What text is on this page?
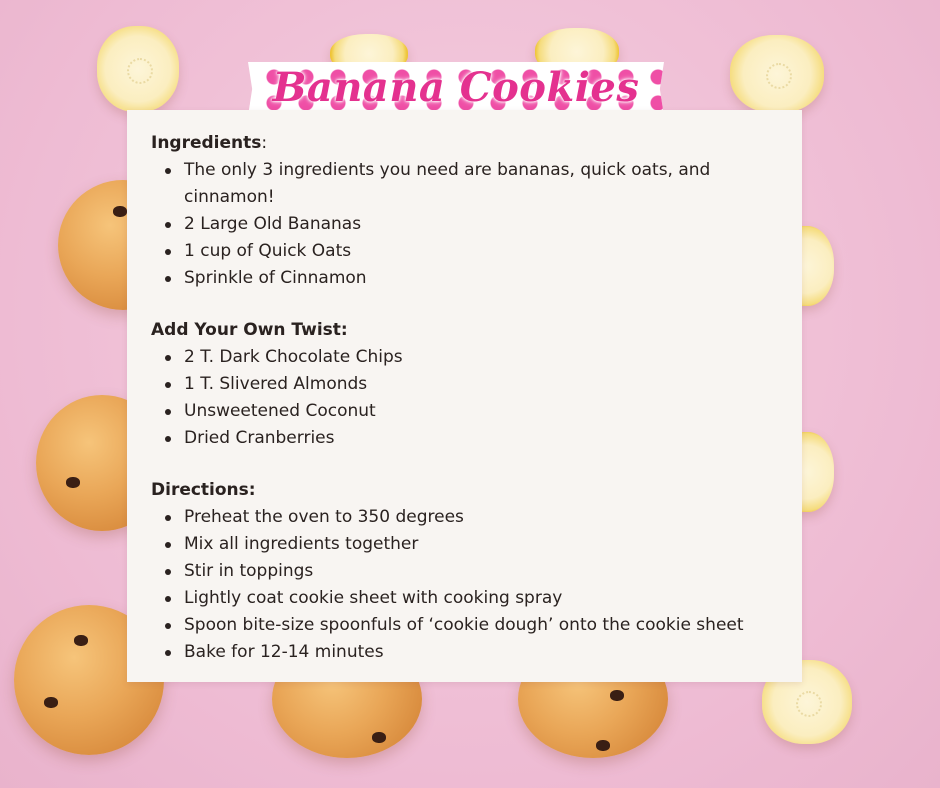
Banana Cookies

Ingredients:

The only 3 ingredients you need are bananas, quick oats, and cinnamon!
2 Large Old Bananas
1 cup of Quick Oats
Sprinkle of Cinnamon

Add Your Own Twist:

2 T. Dark Chocolate Chips
1 T. Slivered Almonds
Unsweetened Coconut
Dried Cranberries

Directions:

Preheat the oven to 350 degrees
Mix all ingredients together
Stir in toppings
Lightly coat cookie sheet with cooking spray
Spoon bite-size spoonfuls of ‘cookie dough’ onto the cookie sheet
Bake for 12-14 minutes
